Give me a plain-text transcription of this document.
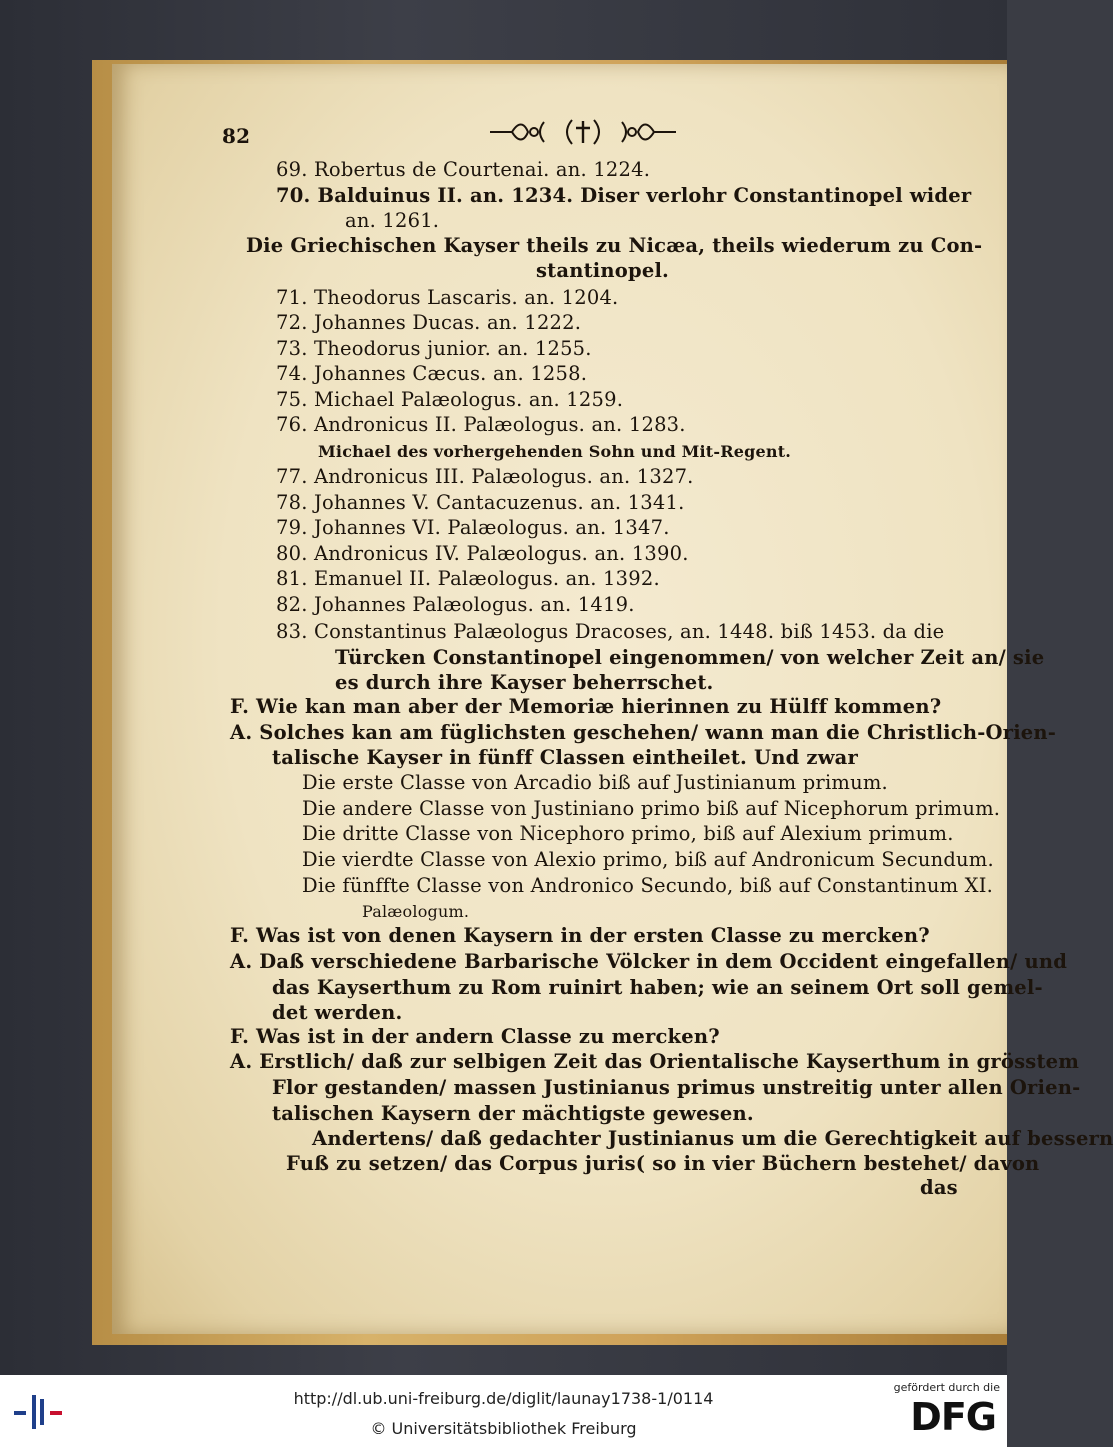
82
69. Robertus de Courtenai. an. 1224.
70. Balduinus II. an. 1234. Diser verlohr Constantinopel wider
an. 1261.
Die Griechischen Kayser theils zu Nicæa, theils wiederum zu Con-
stantinopel.
71. Theodorus Lascaris. an. 1204.
72. Johannes Ducas. an. 1222.
73. Theodorus junior. an. 1255.
74. Johannes Cæcus. an. 1258.
75. Michael Palæologus. an. 1259.
76. Andronicus II. Palæologus. an. 1283.
Michael des vorhergehenden Sohn und Mit-Regent.
77. Andronicus III. Palæologus. an. 1327.
78. Johannes V. Cantacuzenus. an. 1341.
79. Johannes VI. Palæologus. an. 1347.
80. Andronicus IV. Palæologus. an. 1390.
81. Emanuel II. Palæologus. an. 1392.
82. Johannes Palæologus. an. 1419.
83. Constantinus Palæologus Dracoses, an. 1448. biß 1453. da die
Türcken Constantinopel eingenommen/ von welcher Zeit an/ sie
es durch ihre Kayser beherrschet.
F. Wie kan man aber der Memoriæ hierinnen zu Hülff kommen?
A. Solches kan am füglichsten geschehen/ wann man die Christlich-Orien-
talische Kayser in fünff Classen eintheilet. Und zwar
Die erste Classe von Arcadio biß auf Justinianum primum.
Die andere Classe von Justiniano primo biß auf Nicephorum primum.
Die dritte Classe von Nicephoro primo, biß auf Alexium primum.
Die vierdte Classe von Alexio primo, biß auf Andronicum Secundum.
Die fünffte Classe von Andronico Secundo, biß auf Constantinum XI.
Palæologum.
F. Was ist von denen Kaysern in der ersten Classe zu mercken?
A. Daß verschiedene Barbarische Völcker in dem Occident eingefallen/ und
das Kayserthum zu Rom ruinirt haben; wie an seinem Ort soll gemel-
det werden.
F. Was ist in der andern Classe zu mercken?
A. Erstlich/ daß zur selbigen Zeit das Orientalische Kayserthum in grösstem
Flor gestanden/ massen Justinianus primus unstreitig unter allen Orien-
talischen Kaysern der mächtigste gewesen.
Andertens/ daß gedachter Justinianus um die Gerechtigkeit auf bessern
Fuß zu setzen/ das Corpus juris( so in vier Büchern bestehet/ davon
das
http://dl.ub.uni-freiburg.de/diglit/launay1738-1/0114
© Universitätsbibliothek Freiburg
gefördert durch die
DFG
